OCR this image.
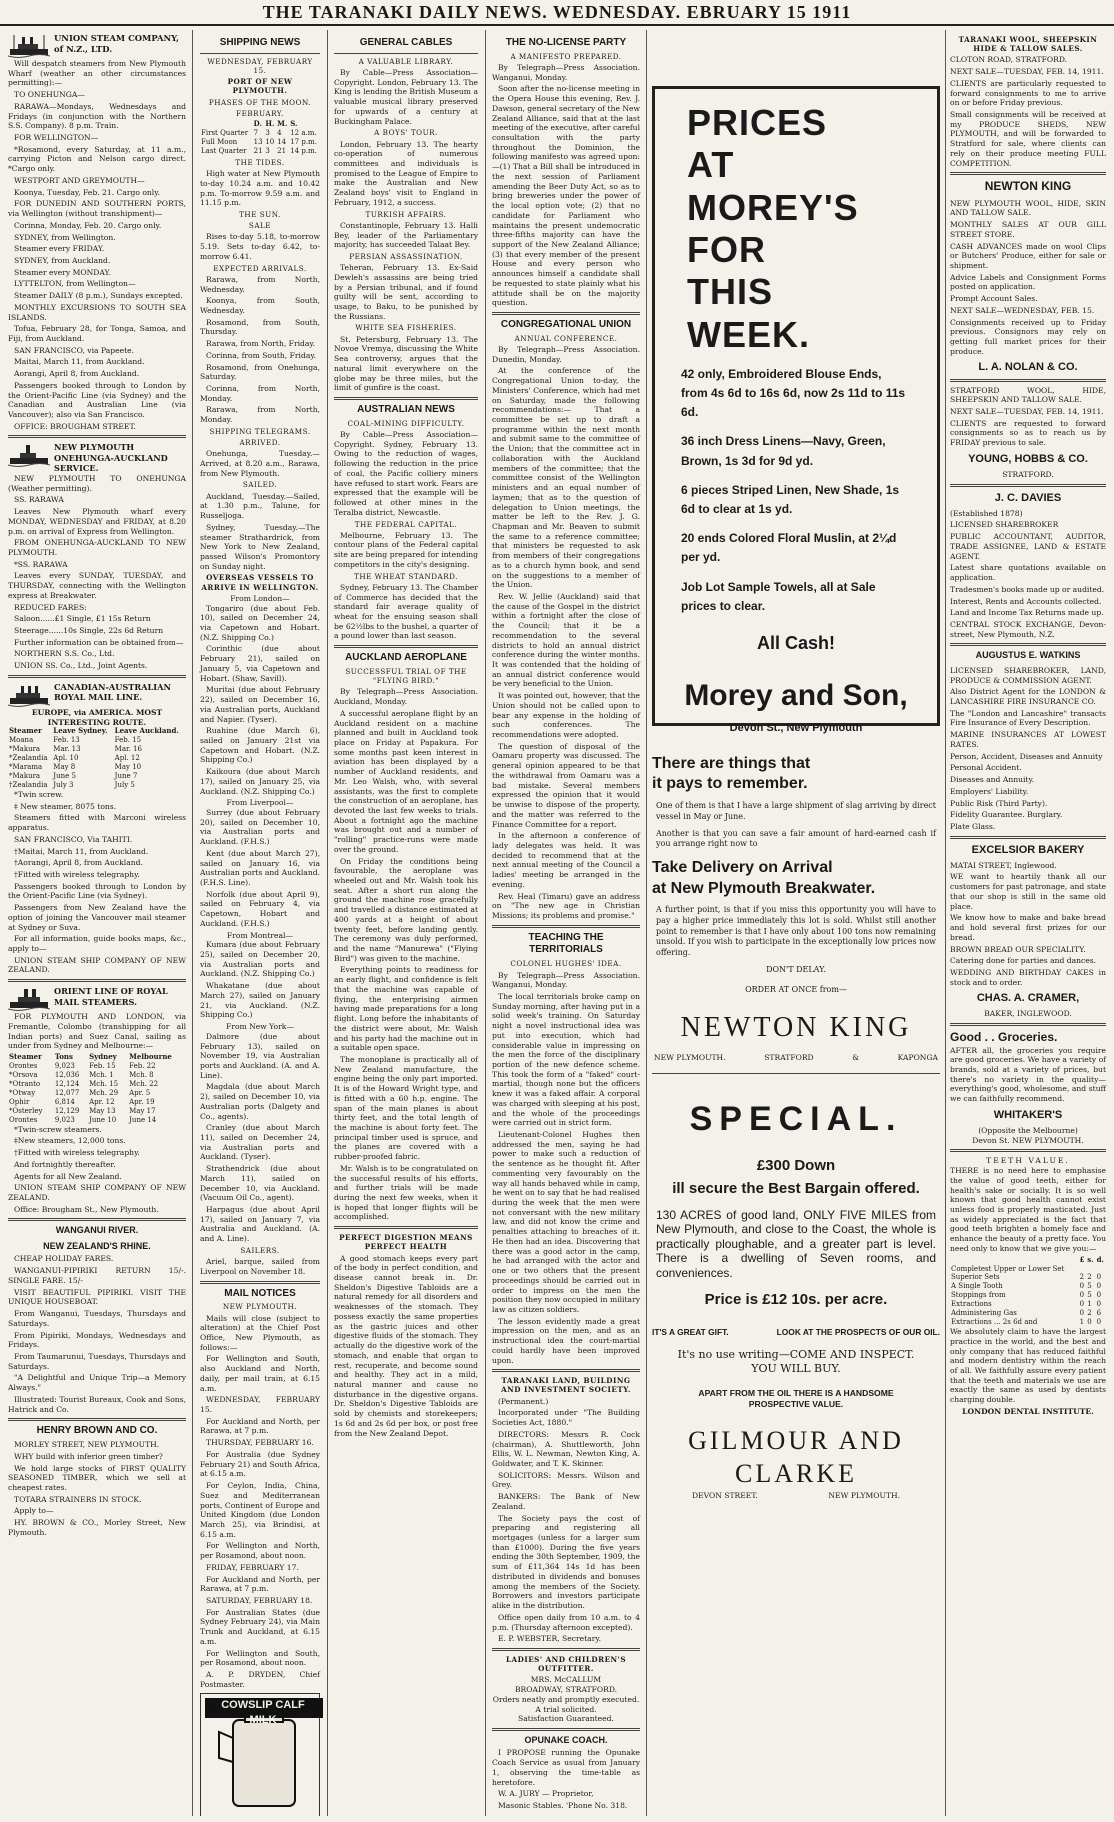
THE TARANAKI DAILY NEWS. WEDNESDAY. EBRUARY 15 1911
UNION STEAM COMPANY, of N.Z., LTD.
Will despatch steamers from New Plymouth Wharf (weather an other circumstances permitting):—
TO ONEHUNGA—
RARAWA—Mondays, Wednesdays and Fridays (in conjunction with the Northern S.S. Company). 8 p.m. Train.
FOR WELLINGTON—
*Rosamond, every Saturday, at 11 a.m., carrying Picton and Nelson cargo direct. *Cargo only.
WESTPORT AND GREYMOUTH—
Koonya, Tuesday, Feb. 21. Cargo only.
FOR DUNEDIN AND SOUTHERN PORTS, via Wellington (without transhipment)—
Corinna, Monday, Feb. 20. Cargo only.
SYDNEY, from Wellington.
Steamer every FRIDAY.
SYDNEY, from Auckland.
Steamer every MONDAY.
LYTTELTON, from Wellington—
Steamer DAILY (8 p.m.), Sundays excepted.
MONTHLY EXCURSIONS TO SOUTH SEA ISLANDS.
Tofua, February 28, for Tonga, Samoa, and Fiji, from Auckland.
SAN FRANCISCO, via Papeete.
Maitai, March 11, from Auckland.
Aorangi, April 8, from Auckland.
Passengers booked through to London by the Orient-Pacific Line (via Sydney) and the Canadian and Australian Line (via Vancouver); also via San Francisco.
OFFICE: BROUGHAM STREET.
NEW PLYMOUTH ONEHUNGA-AUCKLAND SERVICE.
NEW PLYMOUTH TO ONEHUNGA (Weather permitting).
SS. RARAWA
Leaves New Plymouth wharf every MONDAY, WEDNESDAY and FRIDAY, at 8.20 p.m. on arrival of Express from Wellington.
FROM ONEHUNGA-AUCKLAND TO NEW PLYMOUTH.
*SS. RARAWA
Leaves every SUNDAY, TUESDAY, and THURSDAY, connecting with the Wellington express at Breakwater.
REDUCED FARES:
Saloon......£1 Single, £1 15s Return
Steerage......10s Single, 22s 6d Return
Further information can be obtained from—
NORTHERN S.S. Co., Ltd.
UNION SS. Co., Ltd., Joint Agents.
CANADIAN-AUSTRALIAN ROYAL MAIL LINE.
EUROPE, via AMERICA. MOST INTERESTING ROUTE.
Steamer	Leave Sydney.	Leave Auckland.
Moana	Feb. 13	Feb. 15
*Makura	Mar. 13	Mar. 16
*Zealandia	Apl. 10	Apl. 12
*Marama	May 8	May 10
*Makura	June 5	June 7
†Zealandia	July 3	July 5
*Twin screw.
‡ New steamer, 8075 tons.
Steamers fitted with Marconi wireless apparatus.
SAN FRANCISCO, Via TAHITI.
†Maitai, March 11, from Auckland.
†Aorangi, April 8, from Auckland.
†Fitted with wireless telegraphy.
Passengers booked through to London by the Orient-Pacific Line (via Sydney).
Passengers from New Zealand have the option of joining the Vancouver mail steamer at Sydney or Suva.
For all information, guide books maps, &c., apply to—
UNION STEAM SHIP COMPANY OF NEW ZEALAND.
ORIENT LINE OF ROYAL MAIL STEAMERS.
FOR PLYMOUTH AND LONDON, via Fremantle, Colombo (transhipping for all Indian ports) and Suez Canal, sailing as under from Sydney and Melbourne:—
Steamer	Tons	Sydney	Melbourne
Orontes	9,023	Feb. 15	Feb. 22
*Orsova	12,036	Mch. 1	Mch. 8
*Otranto	12,124	Mch. 15	Mch. 22
*Otway	12,077	Mch. 29	Apr. 5
Ophir	6,814	Apr. 12	Apr. 19
*Osterley	12,129	May 13	May 17
Orontes	9,023	June 10	June 14
*Twin-screw steamers.
‡New steamers, 12,000 tons.
†Fitted with wireless telegraphy.
And fortnightly thereafter.
Agents for all New Zealand.
UNION STEAM SHIP COMPANY OF NEW ZEALAND.
Office: Brougham St., New Plymouth.
WANGANUI RIVER.
NEW ZEALAND'S RHINE.
CHEAP HOLIDAY FARES.
WANGANUI-PIPIRIKI RETURN 15/-. SINGLE FARE. 15/-
VISIT BEAUTIFUL PIPIRIKI. VISIT THE UNIQUE HOUSEBOAT.
From Wanganui, Tuesdays, Thursdays and Saturdays.
From Pipiriki, Mondays, Wednesdays and Fridays.
From Taumarunui, Tuesdays, Thursdays and Saturdays.
"A Delightful and Unique Trip—a Memory Always."
Illustrated: Tourist Bureaux, Cook and Sons, Hatrick and Co.
HENRY BROWN AND CO.
MORLEY STREET, NEW PLYMOUTH.
WHY build with inferior green timber?
We hold large stocks of FIRST QUALITY SEASONED TIMBER, which we sell at cheapest rates.
TOTARA STRAINERS IN STOCK.
Apply to—
HY. BROWN & CO., Morley Street, New Plymouth.
SHIPPING NEWS
WEDNESDAY, FEBRUARY 15.
PORT OF NEW PLYMOUTH.
PHASES OF THE MOON.
FEBRUARY.
	D.	H.	M.	S.
First Quarter	7	3	4	12 a.m.
Full Moon	13	10	14	17 p.m.
Last Quarter	21	3	21	14 p.m.
THE TIDES.
High water at New Plymouth to-day 10.24 a.m. and 10.42 p.m. To-morrow 9.59 a.m. and 11.15 p.m.
THE SUN.
SALE
Rises to-day 5.18, to-morrow 5.19. Sets to-day 6.42, to-morrow 6.41.
EXPECTED ARRIVALS.
Rarawa, from North, Wednesday.
Koonya, from South, Wednesday.
Rosamond, from South, Thursday.
Rarawa, from North, Friday.
Corinna, from South, Friday.
Rosamond, from Onehunga, Saturday.
Corinna, from North, Monday.
Rarawa, from North, Monday.
SHIPPING TELEGRAMS.
ARRIVED.
Onehunga, Tuesday.—Arrived, at 8.20 a.m., Rarawa, from New Plymouth.
SAILED.
Auckland, Tuesday.—Sailed, at 1.30 p.m., Talune, for Russeljoga.
Sydney, Tuesday.—The steamer Strathardrick, from New York to New Zealand, passed Wilson's Promontory on Sunday night.
OVERSEAS VESSELS TO ARRIVE IN WELLINGTON.
From London—
Tongariro (due about Feb. 10), sailed on December 24, via Capetown and Hobart. (N.Z. Shipping Co.)
Corinthic (due about February 21), sailed on January 5, via Capetown and Hobart. (Shaw, Savill).
Muritai (due about February 22), sailed on December 16, via Australian ports, Auckland and Napier. (Tyser).
Ruahine (due March 6), sailed on January 21st via Capetown and Hobart. (N.Z. Shipping Co.)
Kaikoura (due about March 17), sailed on January 25, via Auckland. (N.Z. Shipping Co.)
From Liverpool—
Surrey (due about February 20), sailed on December 10, via Australian ports and Auckland. (F.H.S.)
Kent (due about March 27), sailed on January 16, via Australian ports and Auckland. (F.H.S. Line).
Norfolk (due about April 9), sailed on February 4, via Capetown, Hobart and Auckland. (F.H.S.)
From Montreal—
Kumara (due about February 25), sailed on December 20, via Australian ports and Auckland. (N.Z. Shipping Co.)
Whakatane (due about March 27), sailed on January 21, via Auckland. (N.Z. Shipping Co.)
From New York—
Dalmore (due about February 13), sailed on November 19, via Australian ports and Auckland. (A. and A. Line).
Magdala (due about March 2), sailed on December 10, via Australian ports (Dalgety and Co., agents).
Cranley (due about March 11), sailed on December 24, via Australian ports and Auckland. (Tyser).
Strathendrick (due about March 11), sailed on December 10, via Auckland. (Vacuum Oil Co., agent).
Harpagus (due about April 17), sailed on January 7, via Australia and Auckland. (A. and A. Line).
SAILERS.
Ariel, barque, sailed from Liverpool on November 18.
MAIL NOTICES
NEW PLYMOUTH.
Mails will close (subject to alteration) at the Chief Post Office, New Plymouth, as follows:—
For Wellington and South, also Auckland and North, daily, per mail train, at 6.15 a.m.
WEDNESDAY, FEBRUARY 15.
For Auckland and North, per Rarawa, at 7 p.m.
THURSDAY, FEBRUARY 16.
For Australia (due Sydney February 21) and South Africa, at 6.15 a.m.
For Ceylon, India, China, Suez and Mediterranean ports, Continent of Europe and United Kingdom (due London March 25), via Brindisi, at 6.15 a.m.
For Wellington and North, per Rosamond, about noon.
FRIDAY, FEBRUARY 17.
For Auckland and North, per Rarawa, at 7 p.m.
SATURDAY, FEBRUARY 18.
For Australian States (due Sydney February 24), via Main Trunk and Auckland, at 6.15 a.m.
For Wellington and South, per Rosamond, about noon.
A. P. DRYDEN, Chief Postmaster.
COWSLIP CALF MILK
GENERAL CABLES
A VALUABLE LIBRARY.
By Cable—Press Association—Copyright. London, February 13. The King is lending the British Museum a valuable musical library preserved for upwards of a century at Buckingham Palace.
A BOYS' TOUR.
London, February 13. The hearty co-operation of numerous committees and individuals is promised to the League of Empire to make the Australian and New Zealand boys' visit to England in February, 1912, a success.
TURKISH AFFAIRS.
Constantinople, February 13. Halli Bey, leader of the Parliamentary majority, has succeeded Talaat Bey.
PERSIAN ASSASSINATION.
Teheran, February 13. Ex-Said Dewleh's assassins are being tried by a Persian tribunal, and if found guilty will be sent, according to usage, to Baku, to be punished by the Russians.
WHITE SEA FISHERIES.
St. Petersburg, February 13. The Novoe Vremya, discussing the White Sea controversy, argues that the natural limit everywhere on the globe may be three miles, but the limit of gunfire is the coast.
AUSTRALIAN NEWS
COAL-MINING DIFFICULTY.
By Cable—Press Association—Copyright. Sydney, February 13. Owing to the reduction of wages, following the reduction in the price of coal, the Pacific colliery miners have refused to start work. Fears are expressed that the example will be followed at other mines in the Teralba district, Newcastle.
THE FEDERAL CAPITAL.
Melbourne, February 13. The contour plans of the Federal capital site are being prepared for intending competitors in the city's designing.
THE WHEAT STANDARD.
Sydney, February 13. The Chamber of Commerce has decided that the standard fair average quality of wheat for the ensuing season shall be 62½lbs to the bushel, a quarter of a pound lower than last season.
AUCKLAND AEROPLANE
SUCCESSFUL TRIAL OF THE "FLYING BIRD."
By Telegraph—Press Association. Auckland, Monday.
A successful aeroplane flight by an Auckland resident on a machine planned and built in Auckland took place on Friday at Papakura. For some months past keen interest in aviation has been displayed by a number of Auckland residents, and Mr. Leo Walsh, who, with several assistants, was the first to complete the construction of an aeroplane, has devoted the last few weeks to trials. About a fortnight ago the machine was brought out and a number of "rolling" practice-runs were made over the ground.
On Friday the conditions being favourable, the aeroplane was wheeled out and Mr. Walsh took his seat. After a short run along the ground the machine rose gracefully and travelled a distance estimated at 400 yards at a height of about twenty feet, before landing gently. The ceremony was duly performed, and the name "Manurewa" ("Flying Bird") was given to the machine.
Everything points to readiness for an early flight, and confidence is felt that the machine was capable of flying, the enterprising airmen having made preparations for a long flight. Long before the inhabitants of the district were about, Mr. Walsh and his party had the machine out in a suitable open space.
The monoplane is practically all of New Zealand manufacture, the engine being the only part imported. It is of the Howard Wright type, and is fitted with a 60 h.p. engine. The span of the main planes is about thirty feet, and the total length of the machine is about forty feet. The principal timber used is spruce, and the planes are covered with a rubber-proofed fabric.
Mr. Walsh is to be congratulated on the successful results of his efforts, and further trials will be made during the next few weeks, when it is hoped that longer flights will be accomplished.
PERFECT DIGESTION MEANS PERFECT HEALTH
A good stomach keeps every part of the body in perfect condition, and disease cannot break in. Dr. Sheldon's Digestive Tabloids are a natural remedy for all disorders and weaknesses of the stomach. They possess exactly the same properties as the gastric juices and other digestive fluids of the stomach. They actually do the digestive work of the stomach, and enable that organ to rest, recuperate, and become sound and healthy. They act in a mild, natural manner and cause no disturbance in the digestive organs. Dr. Sheldon's Digestive Tabloids are sold by chemists and storekeepers; 1s 6d and 2s 6d per box, or post free from the New Zealand Depot.
THE NO-LICENSE PARTY
A MANIFESTO PREPARED.
By Telegraph—Press Association. Wanganui, Monday.
Soon after the no-license meeting in the Opera House this evening, Rev. J. Dawson, general secretary of the New Zealand Alliance, said that at the last meeting of the executive, after careful consultation with the party throughout the Dominion, the following manifesto was agreed upon:—(1) That a Bill shall be introduced in the next session of Parliament amending the Beer Duty Act, so as to bring breweries under the power of the local option vote; (2) that no candidate for Parliament who maintains the present undemocratic three-fifths majority can have the support of the New Zealand Alliance; (3) that every member of the present House and every person who announces himself a candidate shall be requested to state plainly what his attitude shall be on the majority question.
CONGREGATIONAL UNION
ANNUAL CONFERENCE.
By Telegraph—Press Association. Dunedin, Monday.
At the conference of the Congregational Union to-day, the Ministers' Conference, which had met on Saturday, made the following recommendations:— That a committee be set up to draft a programme within the next month and submit same to the committee of the Union; that the committee act in collaboration with the Auckland members of the committee; that the committee consist of the Wellington ministers and an equal number of laymen; that as to the question of delegation to Union meetings, the matter be left to the Rev. J. G. Chapman and Mr. Beaven to submit the same to a reference committee; that ministers be requested to ask from members of their congregations as to a church hymn book, and send on the suggestions to a member of the Union.
Rev. W. Jellie (Auckland) said that the cause of the Gospel in the district within a fortnight after the close of the Council; that it be a recommendation to the several districts to hold an annual district conference during the winter months. It was contended that the holding of an annual district conference would be very beneficial to the Union.
It was pointed out, however, that the Union should not be called upon to bear any expense in the holding of such conferences. The recommendations were adopted.
The question of disposal of the Oamaru property was discussed. The general opinion appeared to be that the withdrawal from Oamaru was a bad mistake. Several members expressed the opinion that it would be unwise to dispose of the property, and the matter was referred to the Finance Committee for a report.
In the afternoon a conference of lady delegates was held. It was decided to recommend that at the next annual meeting of the Council a ladies' meeting be arranged in the evening.
Rev. Heal (Timaru) gave an address on "The new age in Christian Missions; its problems and promise."
TEACHING THE TERRITORIALS
COLONEL HUGHES' IDEA.
By Telegraph—Press Association. Wanganui, Monday.
The local territorials broke camp on Sunday morning, after having put in a solid week's training. On Saturday night a novel instructional idea was put into execution, which had considerable value in impressing on the men the force of the disciplinary portion of the new defence scheme. This took the form of a "faked" court-martial, though none but the officers knew it was a faked affair. A corporal was charged with sleeping at his post, and the whole of the proceedings were carried out in strict form.
Lieutenant-Colonel Hughes then addressed the men, saying he had power to make such a reduction of the sentence as he thought fit. After commenting very favourably on the way all hands behaved while in camp, he went on to say that he had realised during the week that the men were not conversant with the new military law, and did not know the crime and penalties attaching to breaches of it. He then had an idea. Discovering that there was a good actor in the camp, he had arranged with the actor and one or two others that the present proceedings should be carried out in order to impress on the men the position they now occupied in military law as citizen soldiers.
The lesson evidently made a great impression on the men, and as an instructional idea the court-martial could hardly have been improved upon.
TARANAKI LAND, BUILDING AND INVESTMENT SOCIETY.
(Permanent.)
Incorporated under "The Building Societies Act, 1880."
DIRECTORS: Messrs R. Cock (chairman), A. Shuttleworth, John Ellis, W. L. Newman, Newton King, A. Goldwater, and T. K. Skinner.
SOLICITORS: Messrs. Wilson and Grey.
BANKERS: The Bank of New Zealand.
The Society pays the cost of preparing and registering all mortgages (unless for a larger sum than £1000). During the five years ending the 30th September, 1909, the sum of £11,364 14s 1d has been distributed in dividends and bonuses among the members of the Society. Borrowers and investors participate alike in the distribution.
Office open daily from 10 a.m. to 4 p.m. (Thursday afternoon excepted).
E. P. WEBSTER, Secretary.
LADIES' AND CHILDREN'S OUTFITTER.
MRS. McCALLUM
BROADWAY, STRATFORD.
Orders neatly and promptly executed.
A trial solicited.
Satisfaction Guaranteed.
OPUNAKE COACH.
I PROPOSE running the Opunake Coach Service as usual from January 1, observing the time-table as heretofore.
W. A. JURY — Proprietor,
Masonic Stables. 'Phone No. 318.
PRICES
AT
MOREY'S
FOR
THIS
WEEK.
42 only, Embroidered Blouse Ends, from 4s 6d to 16s 6d, now 2s 11d to 11s 6d.
36 inch Dress Linens—Navy, Green, Brown, 1s 3d for 9d yd.
6 pieces Striped Linen, New Shade, 1s 6d to clear at 1s yd.
20 ends Colored Floral Muslin, at 2¼d per yd.
Job Lot Sample Towels, all at Sale prices to clear.
All Cash!
Morey and Son,
Devon St., New Plymouth
There are things that
it pays to remember.
One of them is that I have a large shipment of slag arriving by direct vessel in May or June.
Another is that you can save a fair amount of hard-earned cash if you arrange right now to
Take Delivery on Arrival
at New Plymouth Breakwater.
A further point, is that if you miss this opportunity you will have to pay a higher price immediately this lot is sold. Whilst still another point to remember is that I have only about 100 tons now remaining unsold. If you wish to participate in the exceptionally low prices now offering.
DON'T DELAY.
ORDER AT ONCE from—
NEWTON KING
NEW PLYMOUTH.	STRATFORD	&	KAPONGA
SPECIAL.
£300 Down
ill secure the Best Bargain offered.
130 ACRES of good land, ONLY FIVE MILES from New Plymouth, and close to the Coast, the whole is practically ploughable, and a greater part is level. There is a dwelling of Seven rooms, and conveniences.
Price is £12 10s. per acre.
IT'S A GREAT GIFT.	LOOK AT THE PROSPECTS OF OUR OIL.
It's no use writing—COME AND INSPECT.
YOU WILL BUY.
APART FROM THE OIL THERE IS A HANDSOME PROSPECTIVE VALUE.
GILMOUR AND CLARKE
DEVON STREET.	NEW PLYMOUTH.
TARANAKI WOOL, SHEEPSKIN HIDE & TALLOW SALES.
CLOTON ROAD, STRATFORD.
NEXT SALE—TUESDAY, FEB. 14, 1911.
CLIENTS are particularly requested to forward consignments to me to arrive on or before Friday previous.
Small consignments will be received at my PRODUCE SHEDS, NEW PLYMOUTH, and will be forwarded to Stratford for sale, where clients can rely on their produce meeting FULL COMPETITION.
NEWTON KING
NEW PLYMOUTH WOOL, HIDE, SKIN AND TALLOW SALE.
MONTHLY SALES AT OUR GILL STREET STORE.
CASH ADVANCES made on wool Clips or Butchers' Produce, either for sale or shipment.
Advice Labels and Consignment Forms posted on application.
Prompt Account Sales.
NEXT SALE—WEDNESDAY, FEB. 15.
Consignments received up to Friday previous. Consignors may rely on getting full market prices for their produce.
L. A. NOLAN & CO.
STRATFORD WOOL, HIDE, SHEEPSKIN AND TALLOW SALE.
NEXT SALE—TUESDAY, FEB. 14, 1911.
CLIENTS are requested to forward consignments so as to reach us by FRIDAY previous to sale.
YOUNG, HOBBS & CO.
STRATFORD.
J. C. DAVIES
(Established 1878)
LICENSED SHAREBROKER
PUBLIC ACCOUNTANT, AUDITOR, TRADE ASSIGNEE, LAND & ESTATE AGENT.
Latest share quotations available on application.
Tradesmen's books made up or audited.
Interest, Rents and Accounts collected.
Land and Income Tax Returns made up.
CENTRAL STOCK EXCHANGE, Devon-street, New Plymouth, N.Z.
AUGUSTUS E. WATKINS
LICENSED SHAREBROKER, LAND, PRODUCE & COMMISSION AGENT.
Also District Agent for the LONDON & LANCASHIRE FIRE INSURANCE CO.
The "London and Lancashire" transacts Fire Insurance of Every Description.
MARINE INSURANCES AT LOWEST RATES.
Person, Accident, Diseases and Annuity
Personal Accident.
Diseases and Annuity.
Employers' Liability.
Public Risk (Third Party).
Fidelity Guarantee. Burglary.
Plate Glass.
EXCELSIOR BAKERY
MATAI STREET, Inglewood.
WE want to heartily thank all our customers for past patronage, and state that our shop is still in the same old place.
We know how to make and bake bread and hold several first prizes for our bread.
BROWN BREAD OUR SPECIALITY.
Catering done for parties and dances.
WEDDING AND BIRTHDAY CAKES in stock and to order.
CHAS. A. CRAMER,
BAKER, INGLEWOOD.
Good . . Groceries.
AFTER all, the groceries you require are good groceries. We have a variety of brands, sold at a variety of prices, but there's no variety in the quality—everything's good, wholesome, and stuff we can faithfully recommend.
WHITAKER'S
(Opposite the Melbourne)
Devon St. NEW PLYMOUTH.
TEETH VALUE.
THERE is no need here to emphasise the value of good teeth, either for health's sake or socially. It is so well known that good health cannot exist unless food is properly masticated. Just as widely appreciated is the fact that good teeth brighten a homely face and enhance the beauty of a pretty face. You need only to know that we give you:—
	£	s.	d.
Completest Upper or Lower Set			
Superior Sets	2	2	0
A Single Tooth	0	5	0
Stoppings from	0	5	0
Extractions	0	1	0
Administering Gas	0	2	6
Extractions ... 2s 6d and	1	0	0
We absolutely claim to have the largest practice in the world, and the best and only company that has reduced faithful and modern dentistry within the reach of all. We faithfully assure every patient that the teeth and materials we use are exactly the same as used by dentists charging double.
LONDON DENTAL INSTITUTE.
